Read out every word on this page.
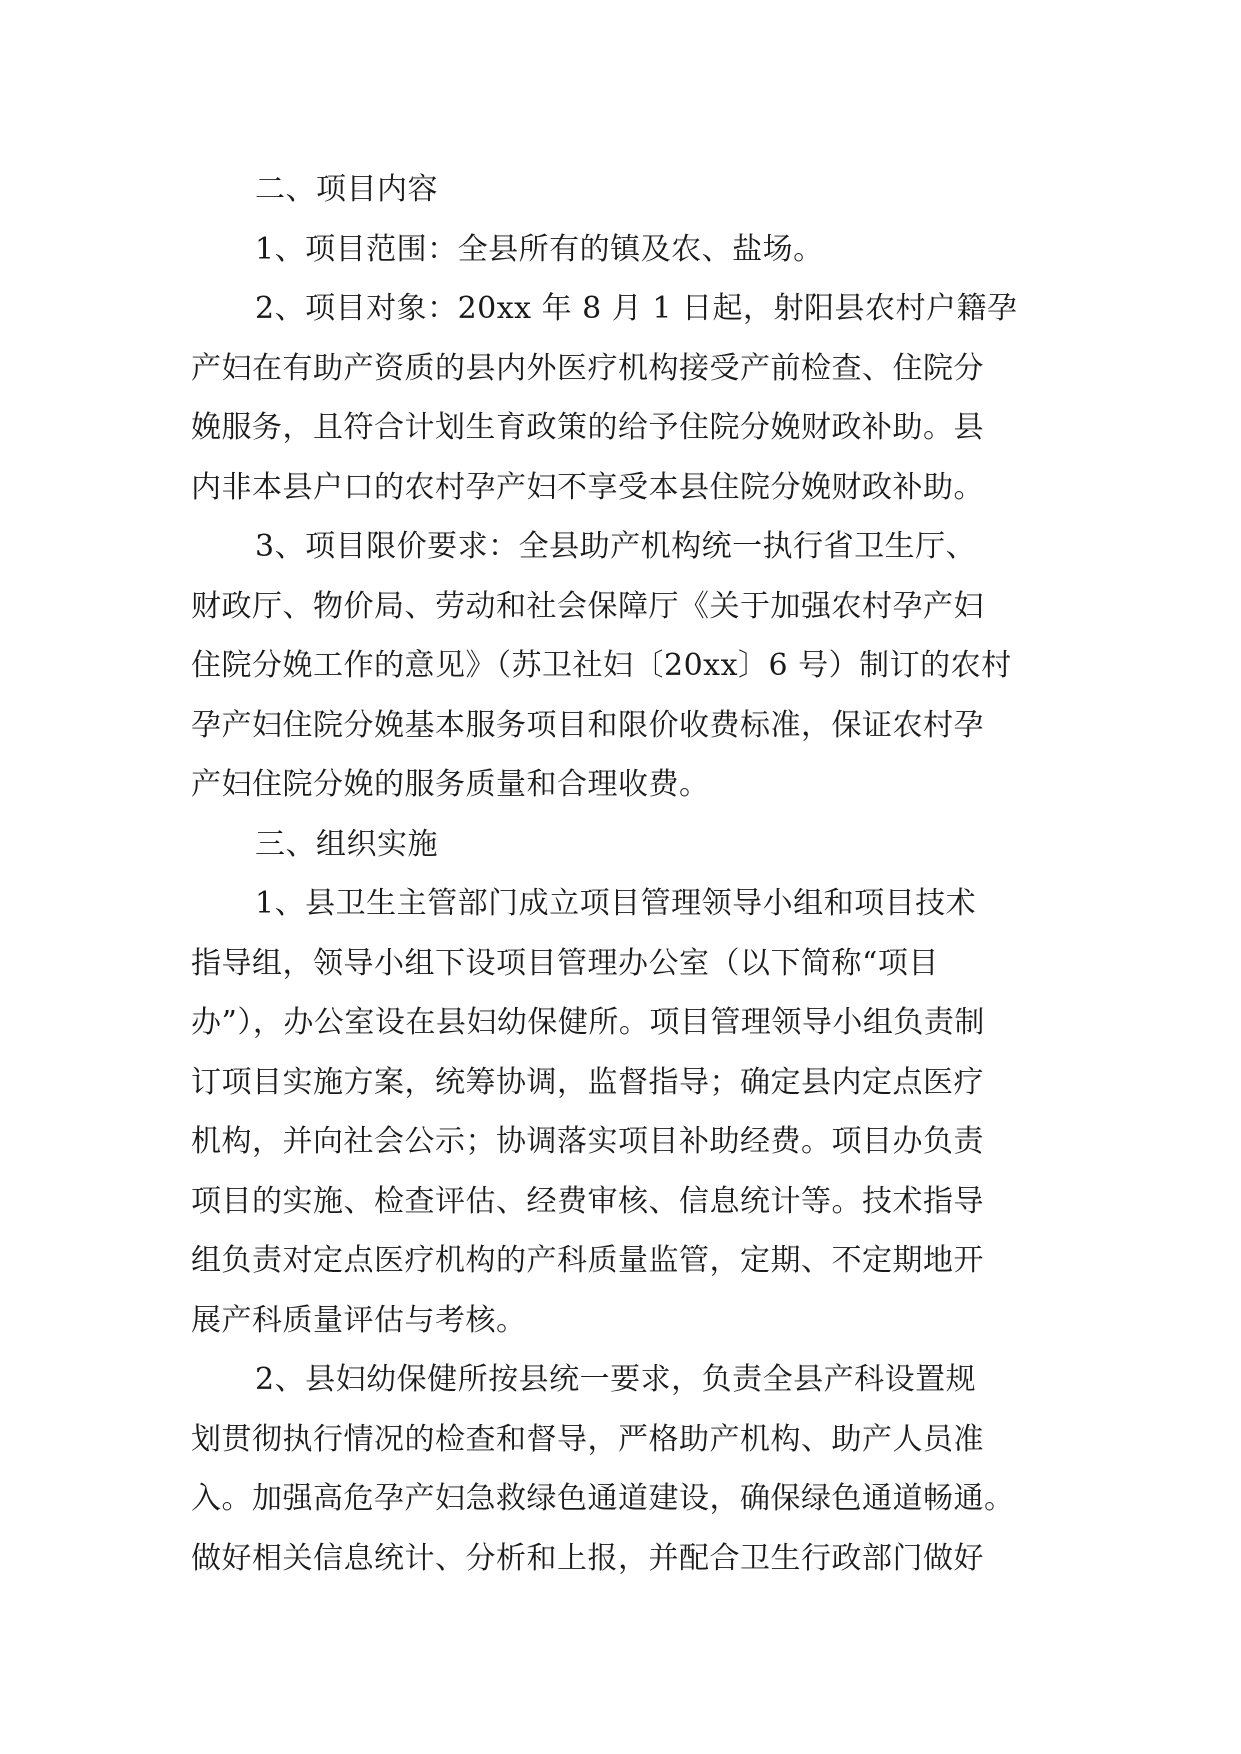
二、项目内容
1、项目范围：全县所有的镇及农、盐场。
2、项目对象：20xx 年 8 月 1 日起，射阳县农村户籍孕
产妇在有助产资质的县内外医疗机构接受产前检查、住院分
娩服务，且符合计划生育政策的给予住院分娩财政补助。县
内非本县户口的农村孕产妇不享受本县住院分娩财政补助。
3、项目限价要求：全县助产机构统一执行省卫生厅、
财政厅、物价局、劳动和社会保障厅《关于加强农村孕产妇
住院分娩工作的意见》（苏卫社妇〔20xx〕6 号）制订的农村
孕产妇住院分娩基本服务项目和限价收费标准，保证农村孕
产妇住院分娩的服务质量和合理收费。
三、组织实施
1、县卫生主管部门成立项目管理领导小组和项目技术
指导组，领导小组下设项目管理办公室（以下简称“项目
办”），办公室设在县妇幼保健所。项目管理领导小组负责制
订项目实施方案，统筹协调，监督指导；确定县内定点医疗
机构，并向社会公示；协调落实项目补助经费。项目办负责
项目的实施、检查评估、经费审核、信息统计等。技术指导
组负责对定点医疗机构的产科质量监管，定期、不定期地开
展产科质量评估与考核。
2、县妇幼保健所按县统一要求，负责全县产科设置规
划贯彻执行情况的检查和督导，严格助产机构、助产人员准
入。加强高危孕产妇急救绿色通道建设，确保绿色通道畅通。
做好相关信息统计、分析和上报，并配合卫生行政部门做好
